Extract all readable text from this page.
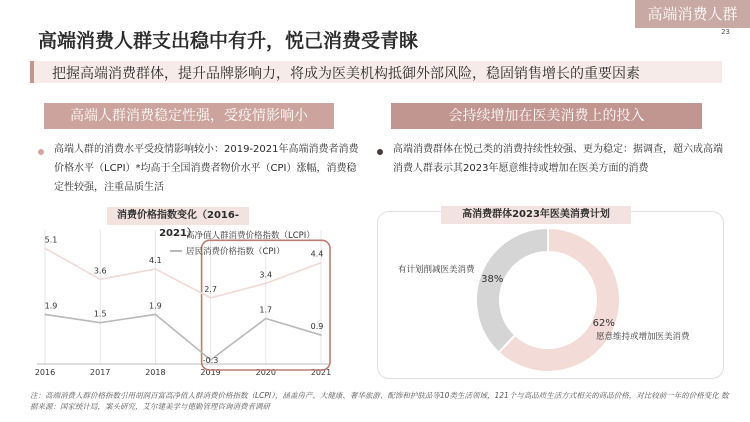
高端消费人群
23
高端消费人群支出稳中有升，悦己消费受青睐
把握高端消费群体，提升品牌影响力，将成为医美机构抵御外部风险，稳固销售增长的重要因素
高端人群消费稳定性强，受疫情影响小	会持续增加在医美消费上的投入
高端人群的消费水平受疫情影响较小：2019-2021年高端消费者消费价格水平（LCPI）*均高于全国消费者物价水平（CPI）涨幅，消费稳定性较强，注重品质生活
高端消费群体在悦己类的消费持续性较强、更为稳定：据调查，超六成高端消费人群表示其2023年愿意维持或增加在医美方面的消费
2016	2017	2018	2019	2020	2021
5.1
3.6
4.1
2.7
3.4
4.4
1.9
1.5
1.9
-0.3
1.7
0.9
高净值人群消费价格指数（LCPI）
居民消费价格指数（CPI）
消费价格指数变化（2016-2021）
62%
38%
愿意维持或增加医美消费
有计划削减医美消费
高消费群体2023年医美消费计划
注：高端消费人群价格指数引用胡润百富高净值人群消费价格指数（LCPI），涵盖房产、大健康、奢华旅游、配饰和护肤品等10类生活领域，121个与高品质生活方式相关的商品价格，对比较前一年的价格变化 数据来源：国家统计局，案头研究，艾尔建美学与德勤管理咨询消费者调研
